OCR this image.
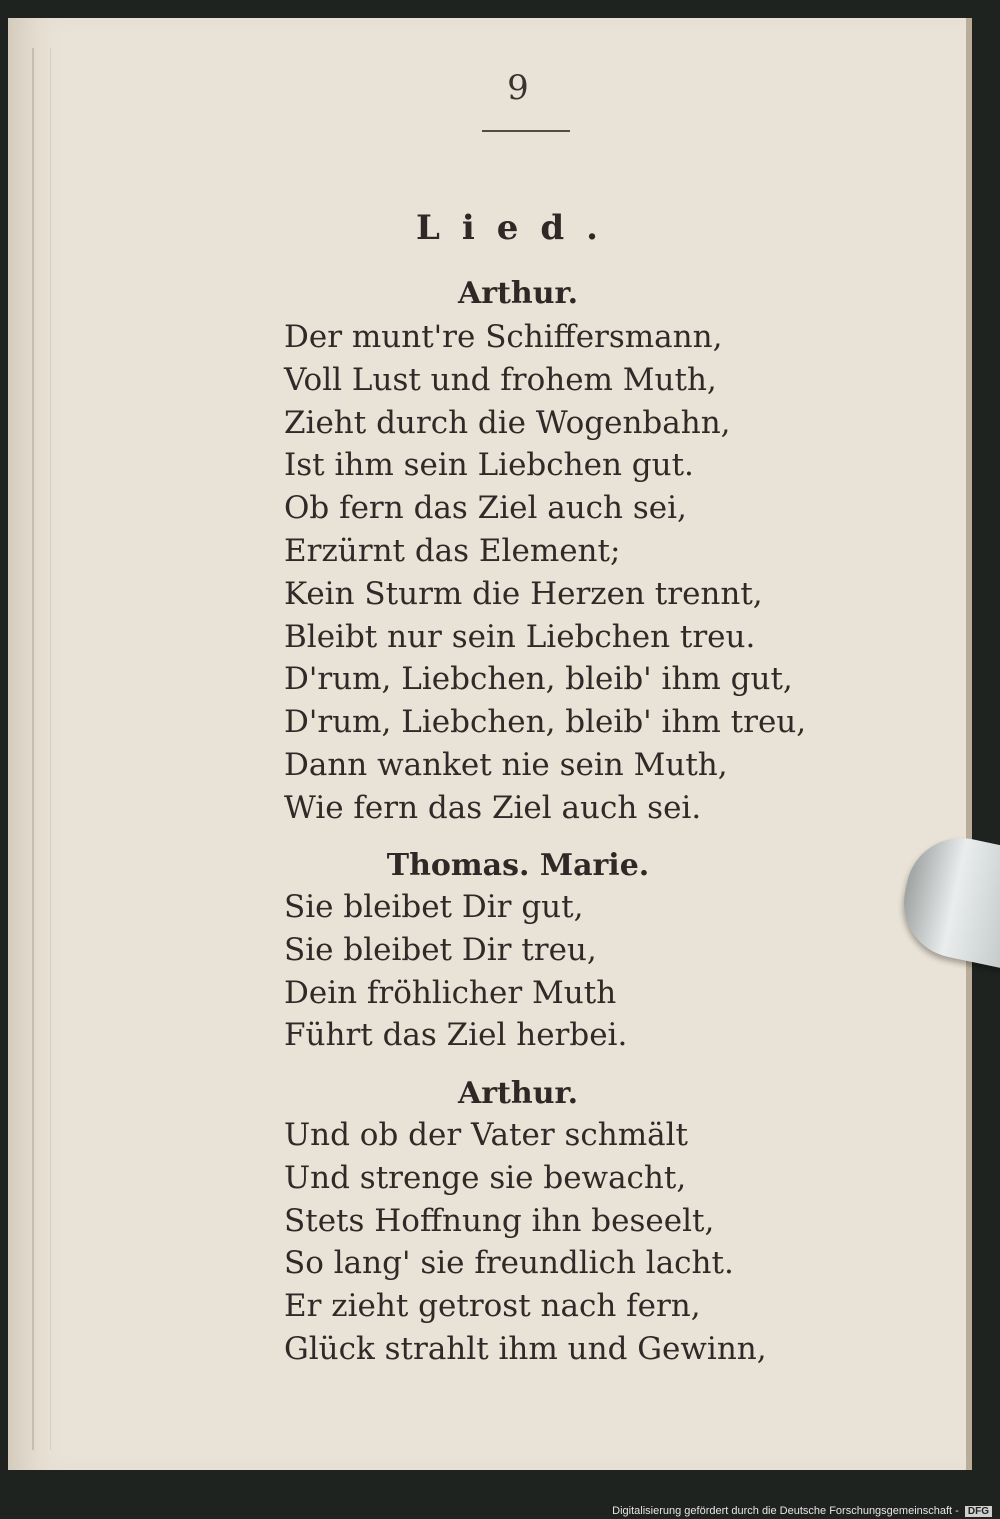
9
Lied.
Arthur.
Der munt're Schiffersmann,
Voll Lust und frohem Muth,
Zieht durch die Wogenbahn,
Ist ihm sein Liebchen gut.
Ob fern das Ziel auch sei,
Erzürnt das Element;
Kein Sturm die Herzen trennt,
Bleibt nur sein Liebchen treu.
D'rum, Liebchen, bleib' ihm gut,
D'rum, Liebchen, bleib' ihm treu,
Dann wanket nie sein Muth,
Wie fern das Ziel auch sei.
Thomas. Marie.
Sie bleibet Dir gut,
Sie bleibet Dir treu,
Dein fröhlicher Muth
Führt das Ziel herbei.
Arthur.
Und ob der Vater schmält
Und strenge sie bewacht,
Stets Hoffnung ihn beseelt,
So lang' sie freundlich lacht.
Er zieht getrost nach fern,
Glück strahlt ihm und Gewinn,
Digitalisierung gefördert durch die Deutsche Forschungsgemeinschaft - DFG
